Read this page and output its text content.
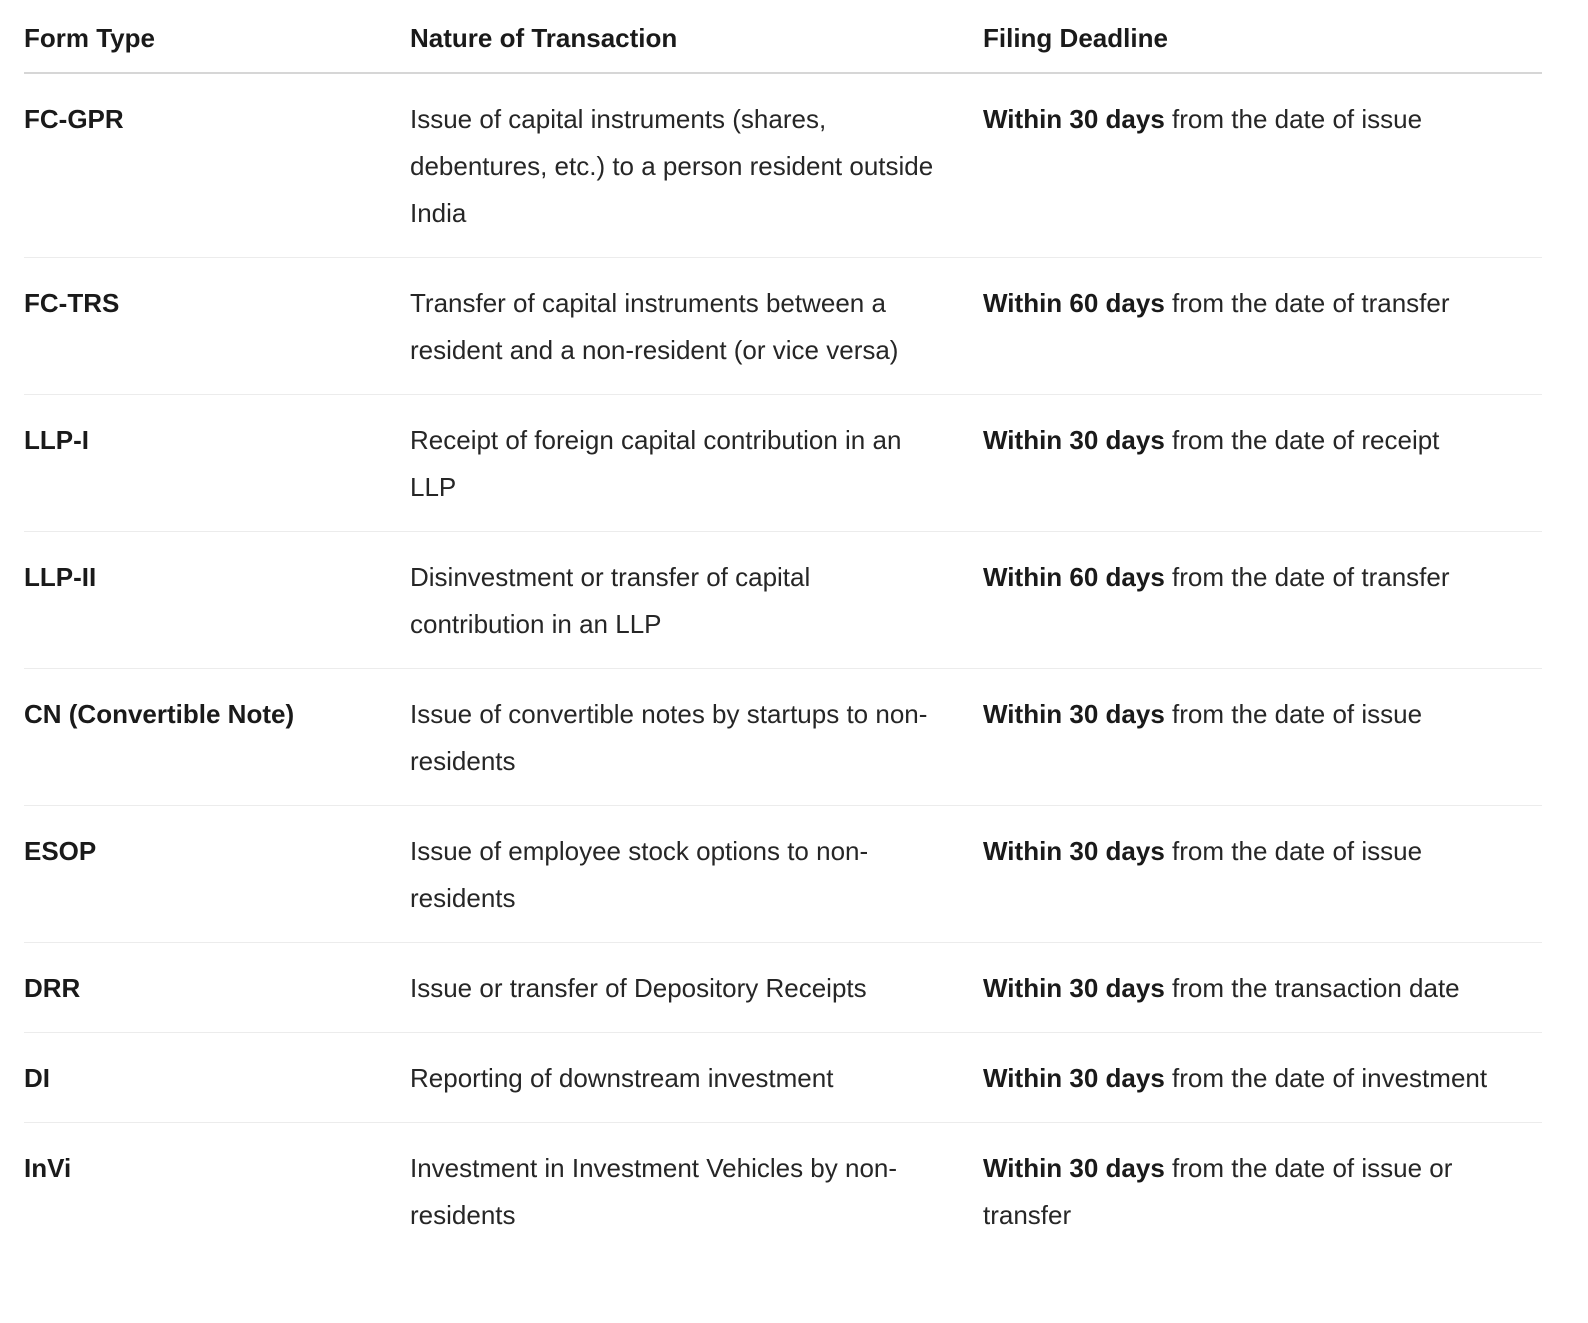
Form Type	Nature of Transaction	Filing Deadline
FC-GPR	Issue of capital instruments (shares, debentures, etc.) to a person resident outside India	Within 30 days from the date of issue
FC-TRS	Transfer of capital instruments between a resident and a non-resident (or vice versa)	Within 60 days from the date of transfer
LLP-I	Receipt of foreign capital contribution in an LLP	Within 30 days from the date of receipt
LLP-II	Disinvestment or transfer of capital contribution in an LLP	Within 60 days from the date of transfer
CN (Convertible Note)	Issue of convertible notes by startups to non-residents	Within 30 days from the date of issue
ESOP	Issue of employee stock options to non-residents	Within 30 days from the date of issue
DRR	Issue or transfer of Depository Receipts	Within 30 days from the transaction date
DI	Reporting of downstream investment	Within 30 days from the date of investment
InVi	Investment in Investment Vehicles by non-residents	Within 30 days from the date of issue or transfer
